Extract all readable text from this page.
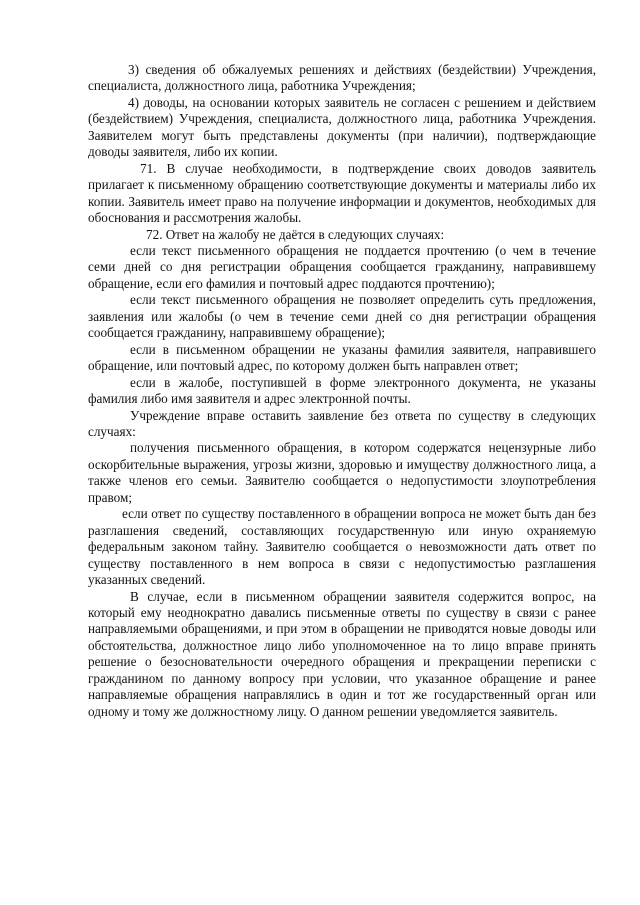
3) сведения об обжалуемых решениях и действиях (бездействии) Учреждения, специалиста, должностного лица, работника Учреждения;

4) доводы, на основании которых заявитель не согласен с решением и действием (бездействием) Учреждения, специалиста, должностного лица, работника Учреждения. Заявителем могут быть представлены документы (при наличии), подтверждающие доводы заявителя, либо их копии.

71. В случае необходимости, в подтверждение своих доводов заявитель прилагает к письменному обращению соответствующие документы и материалы либо их копии. Заявитель имеет право на получение информации и документов, необходимых для обоснования и рассмотрения жалобы.

72. Ответ на жалобу не даётся в следующих случаях:

если текст письменного обращения не поддается прочтению (о чем в течение семи дней со дня регистрации обращения сообщается гражданину, направившему обращение, если его фамилия и почтовый адрес поддаются прочтению);

если текст письменного обращения не позволяет определить суть предложения, заявления или жалобы (о чем в течение семи дней со дня регистрации обращения сообщается гражданину, направившему обращение);

если в письменном обращении не указаны фамилия заявителя, направившего обращение, или почтовый адрес, по которому должен быть направлен ответ;

если в жалобе, поступившей в форме электронного документа, не указаны фамилия либо имя заявителя и адрес электронной почты.

Учреждение вправе оставить заявление без ответа по существу в следующих случаях:

получения письменного обращения, в котором содержатся нецензурные либо оскорбительные выражения, угрозы жизни, здоровью и имуществу должностного лица, а также членов его семьи. Заявителю сообщается о недопустимости злоупотребления правом;

если ответ по существу поставленного в обращении вопроса не может быть дан без разглашения сведений, составляющих государственную или иную охраняемую федеральным законом тайну. Заявителю сообщается о невозможности дать ответ по существу поставленного в нем вопроса в связи с недопустимостью разглашения указанных сведений.

В случае, если в письменном обращении заявителя содержится вопрос, на который ему неоднократно давались письменные ответы по существу в связи с ранее направляемыми обращениями, и при этом в обращении не приводятся новые доводы или обстоятельства, должностное лицо либо уполномоченное на то лицо вправе принять решение о безосновательности очередного обращения и прекращении переписки с гражданином по данному вопросу при условии, что указанное обращение и ранее направляемые обращения направлялись в один и тот же государственный орган или одному и тому же должностному лицу. О данном решении уведомляется заявитель.
